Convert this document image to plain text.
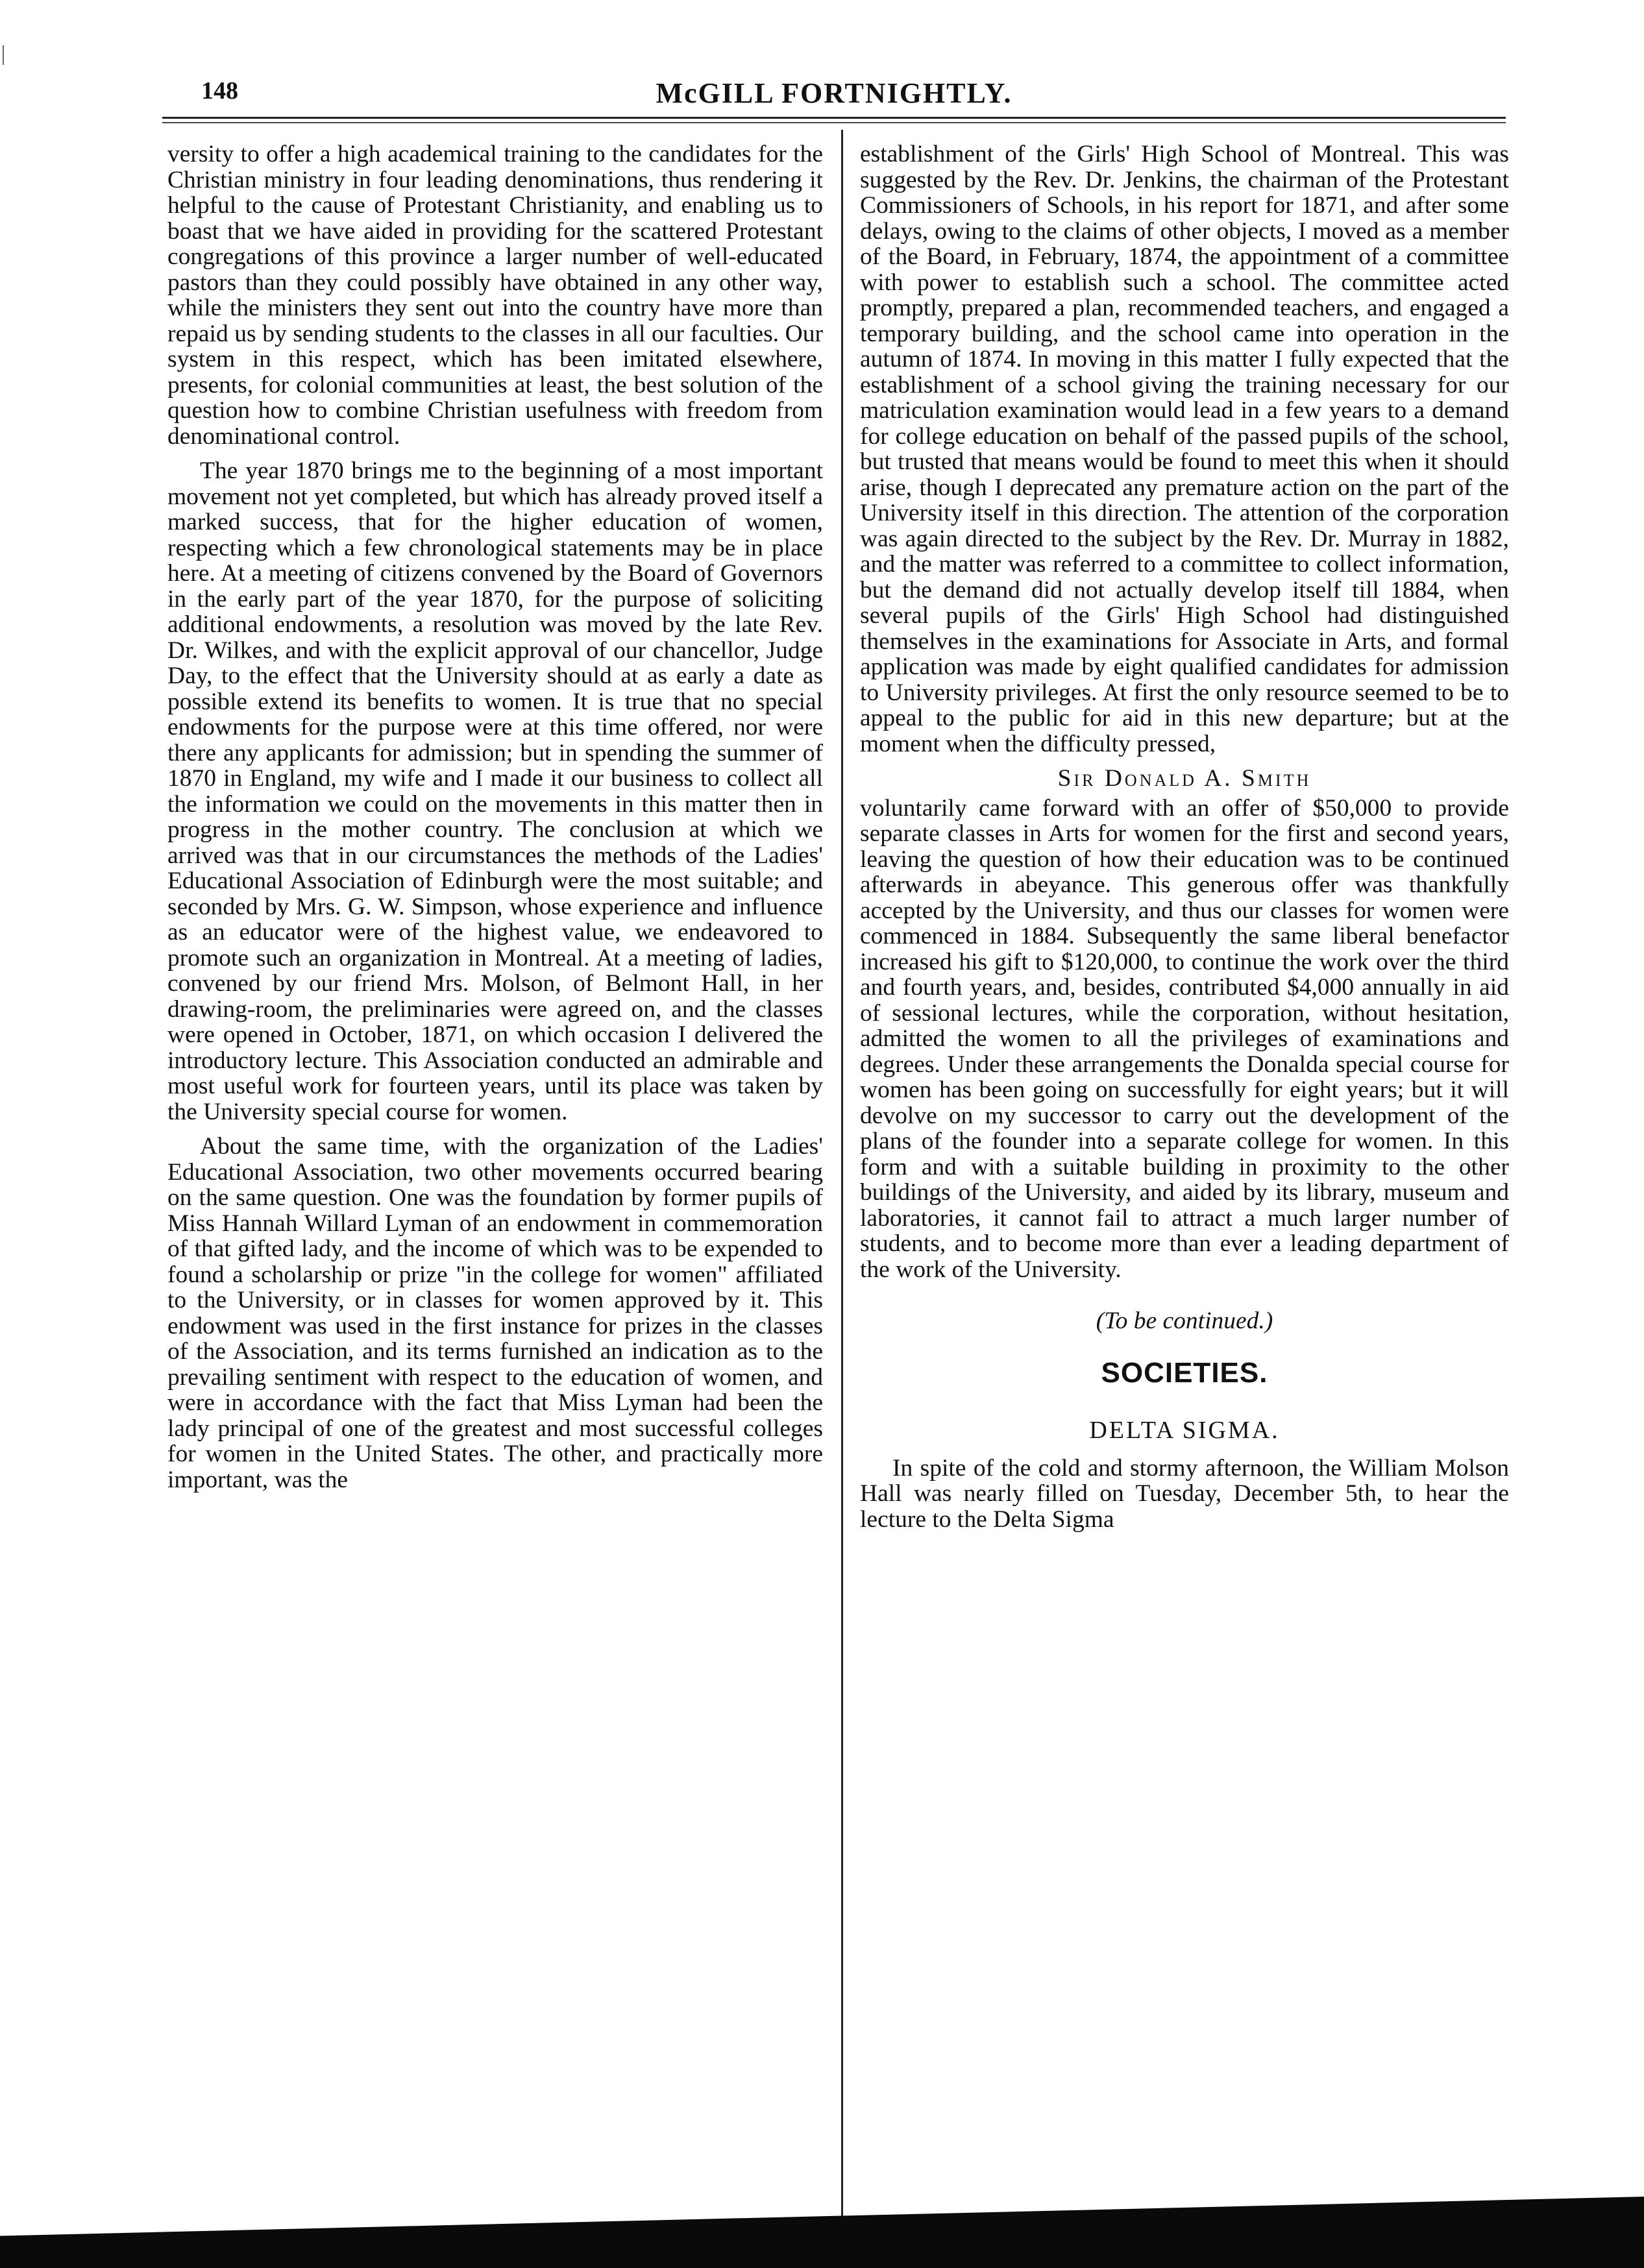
148	McGILL FORTNIGHTLY.

versity to offer a high academical training to the candidates for the Christian ministry in four leading denominations, thus rendering it helpful to the cause of Protestant Christianity, and enabling us to boast that we have aided in providing for the scattered Protestant congregations of this province a larger number of well-educated pastors than they could possibly have obtained in any other way, while the ministers they sent out into the country have more than repaid us by sending students to the classes in all our faculties. Our system in this respect, which has been imitated elsewhere, presents, for colonial communities at least, the best solution of the question how to combine Christian usefulness with freedom from denominational control.

The year 1870 brings me to the beginning of a most important movement not yet completed, but which has already proved itself a marked success, that for the higher education of women, respecting which a few chronological statements may be in place here. At a meeting of citizens convened by the Board of Governors in the early part of the year 1870, for the purpose of soliciting additional endowments, a resolution was moved by the late Rev. Dr. Wilkes, and with the explicit approval of our chancellor, Judge Day, to the effect that the University should at as early a date as possible extend its benefits to women. It is true that no special endowments for the purpose were at this time offered, nor were there any applicants for admission; but in spending the summer of 1870 in England, my wife and I made it our business to collect all the information we could on the movements in this matter then in progress in the mother country. The conclusion at which we arrived was that in our circumstances the methods of the Ladies' Educational Association of Edinburgh were the most suitable; and seconded by Mrs. G. W. Simpson, whose experience and influence as an educator were of the highest value, we endeavored to promote such an organization in Montreal. At a meeting of ladies, convened by our friend Mrs. Molson, of Belmont Hall, in her drawing-room, the preliminaries were agreed on, and the classes were opened in October, 1871, on which occasion I delivered the introductory lecture. This Association conducted an admirable and most useful work for fourteen years, until its place was taken by the University special course for women.

About the same time, with the organization of the Ladies' Educational Association, two other movements occurred bearing on the same question. One was the foundation by former pupils of Miss Hannah Willard Lyman of an endowment in commemoration of that gifted lady, and the income of which was to be expended to found a scholarship or prize "in the college for women" affiliated to the University, or in classes for women approved by it. This endowment was used in the first instance for prizes in the classes of the Association, and its terms furnished an indication as to the prevailing sentiment with respect to the education of women, and were in accordance with the fact that Miss Lyman had been the lady principal of one of the greatest and most successful colleges for women in the United States. The other, and practically more important, was the

establishment of the Girls' High School of Montreal. This was suggested by the Rev. Dr. Jenkins, the chairman of the Protestant Commissioners of Schools, in his report for 1871, and after some delays, owing to the claims of other objects, I moved as a member of the Board, in February, 1874, the appointment of a committee with power to establish such a school. The committee acted promptly, prepared a plan, recommended teachers, and engaged a temporary building, and the school came into operation in the autumn of 1874. In moving in this matter I fully expected that the establishment of a school giving the training necessary for our matriculation examination would lead in a few years to a demand for college education on behalf of the passed pupils of the school, but trusted that means would be found to meet this when it should arise, though I deprecated any premature action on the part of the University itself in this direction. The attention of the corporation was again directed to the subject by the Rev. Dr. Murray in 1882, and the matter was referred to a committee to collect information, but the demand did not actually develop itself till 1884, when several pupils of the Girls' High School had distinguished themselves in the examinations for Associate in Arts, and formal application was made by eight qualified candidates for admission to University privileges. At first the only resource seemed to be to appeal to the public for aid in this new departure; but at the moment when the difficulty pressed,

Sir Donald A. Smith

voluntarily came forward with an offer of $50,000 to provide separate classes in Arts for women for the first and second years, leaving the question of how their education was to be continued afterwards in abeyance. This generous offer was thankfully accepted by the University, and thus our classes for women were commenced in 1884. Subsequently the same liberal benefactor increased his gift to $120,000, to continue the work over the third and fourth years, and, besides, contributed $4,000 annually in aid of sessional lectures, while the corporation, without hesitation, admitted the women to all the privileges of examinations and degrees. Under these arrangements the Donalda special course for women has been going on successfully for eight years; but it will devolve on my successor to carry out the development of the plans of the founder into a separate college for women. In this form and with a suitable building in proximity to the other buildings of the University, and aided by its library, museum and laboratories, it cannot fail to attract a much larger number of students, and to become more than ever a leading department of the work of the University.

(To be continued.)

SOCIETIES.

DELTA SIGMA.

In spite of the cold and stormy afternoon, the William Molson Hall was nearly filled on Tuesday, December 5th, to hear the lecture to the Delta Sigma
